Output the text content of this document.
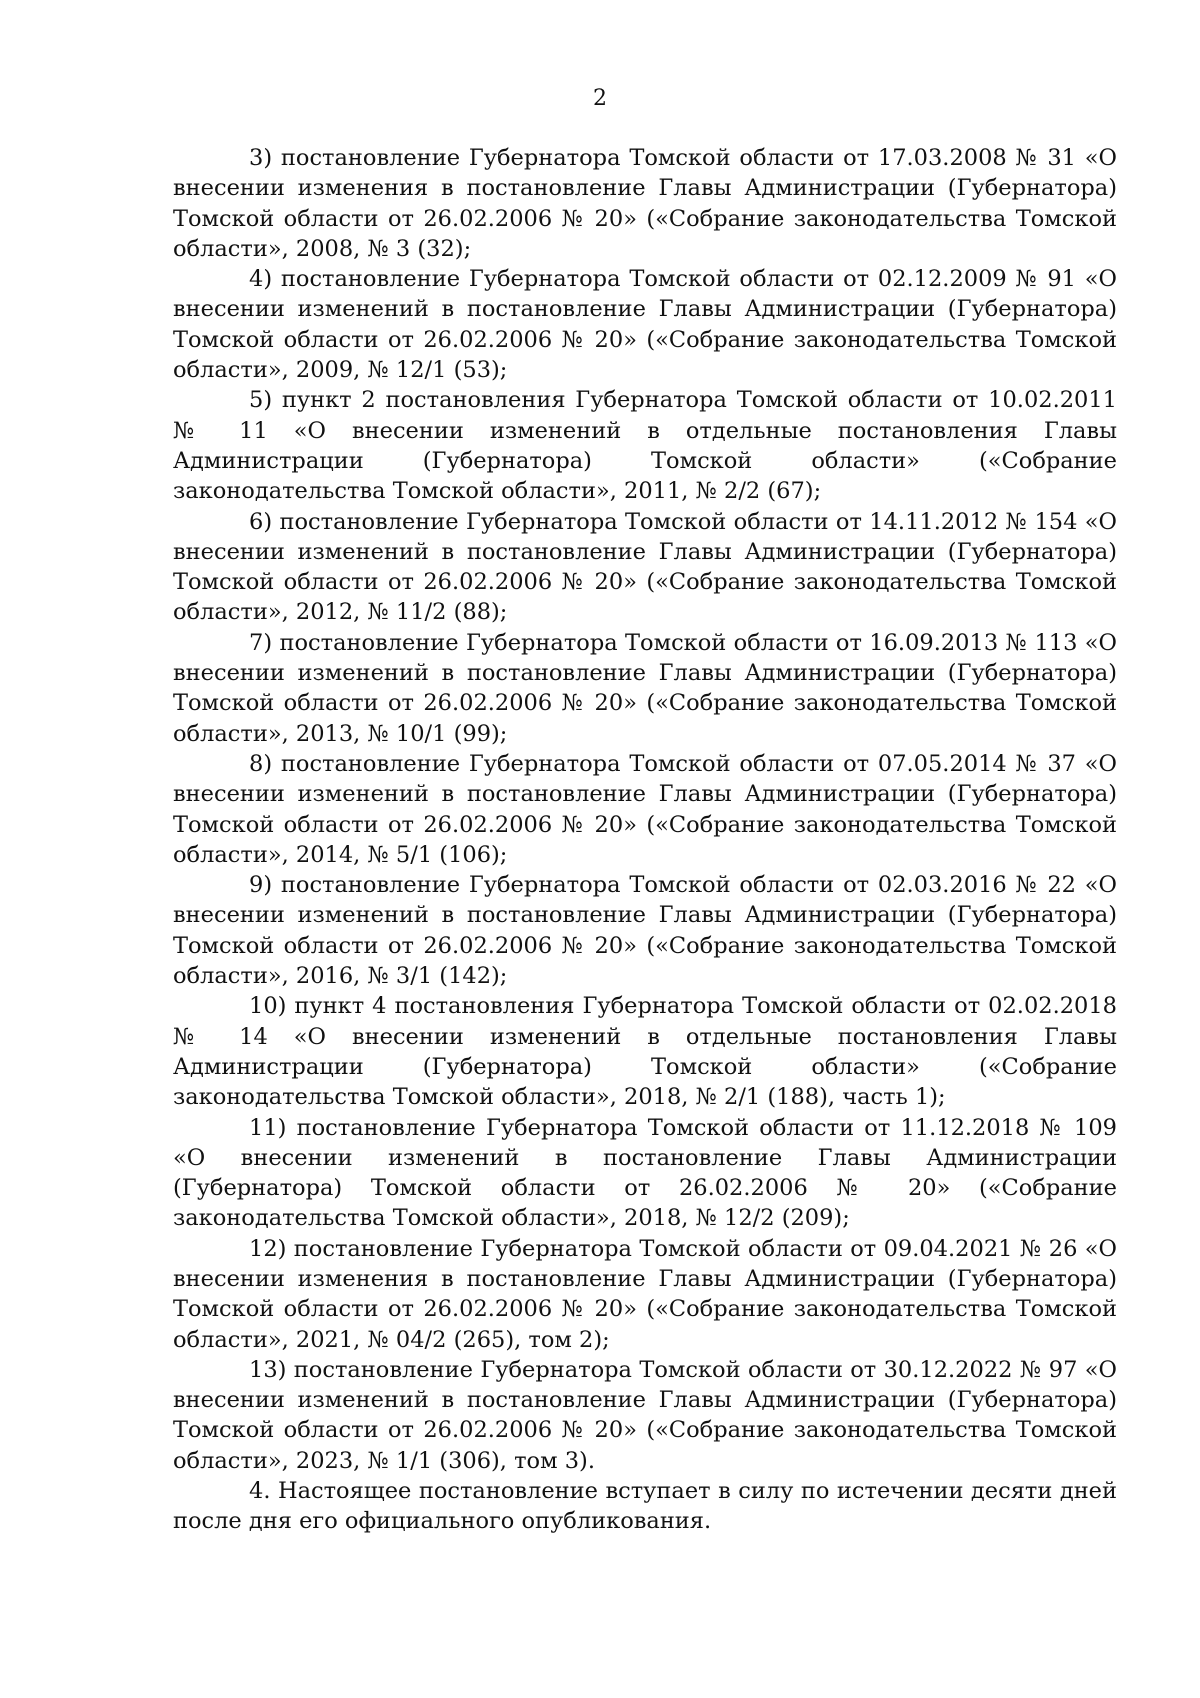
2

3) постановление Губернатора Томской области от 17.03.2008 № 31 «О внесении изменения в постановление Главы Администрации (Губернатора) Томской области от 26.02.2006 № 20» («Собрание законодательства Томской области», 2008, № 3 (32);

4) постановление Губернатора Томской области от 02.12.2009 № 91 «О внесении изменений в постановление Главы Администрации (Губернатора) Томской области от 26.02.2006 № 20» («Собрание законодательства Томской области», 2009, № 12/1 (53);

5) пункт 2 постановления Губернатора Томской области от 10.02.2011 № 11 «О внесении изменений в отдельные постановления Главы Администрации (Губернатора) Томской области» («Собрание законодательства Томской области», 2011, № 2/2 (67);

6) постановление Губернатора Томской области от 14.11.2012 № 154 «О внесении изменений в постановление Главы Администрации (Губернатора) Томской области от 26.02.2006 № 20» («Собрание законодательства Томской области», 2012, № 11/2 (88);

7) постановление Губернатора Томской области от 16.09.2013 № 113 «О внесении изменений в постановление Главы Администрации (Губернатора) Томской области от 26.02.2006 № 20» («Собрание законодательства Томской области», 2013, № 10/1 (99);

8) постановление Губернатора Томской области от 07.05.2014 № 37 «О внесении изменений в постановление Главы Администрации (Губернатора) Томской области от 26.02.2006 № 20» («Собрание законодательства Томской области», 2014, № 5/1 (106);

9) постановление Губернатора Томской области от 02.03.2016 № 22 «О внесении изменений в постановление Главы Администрации (Губернатора) Томской области от 26.02.2006 № 20» («Собрание законодательства Томской области», 2016, № 3/1 (142);

10) пункт 4 постановления Губернатора Томской области от 02.02.2018 № 14 «О внесении изменений в отдельные постановления Главы Администрации (Губернатора) Томской области» («Собрание законодательства Томской области», 2018, № 2/1 (188), часть 1);

11) постановление Губернатора Томской области от 11.12.2018 № 109 «О внесении изменений в постановление Главы Администрации (Губернатора) Томской области от 26.02.2006 № 20» («Собрание законодательства Томской области», 2018, № 12/2 (209);

12) постановление Губернатора Томской области от 09.04.2021 № 26 «О внесении изменения в постановление Главы Администрации (Губернатора) Томской области от 26.02.2006 № 20» («Собрание законодательства Томской области», 2021, № 04/2 (265), том 2);

13) постановление Губернатора Томской области от 30.12.2022 № 97 «О внесении изменений в постановление Главы Администрации (Губернатора) Томской области от 26.02.2006 № 20» («Собрание законодательства Томской области», 2023, № 1/1 (306), том 3).

4. Настоящее постановление вступает в силу по истечении десяти дней после дня его официального опубликования.
